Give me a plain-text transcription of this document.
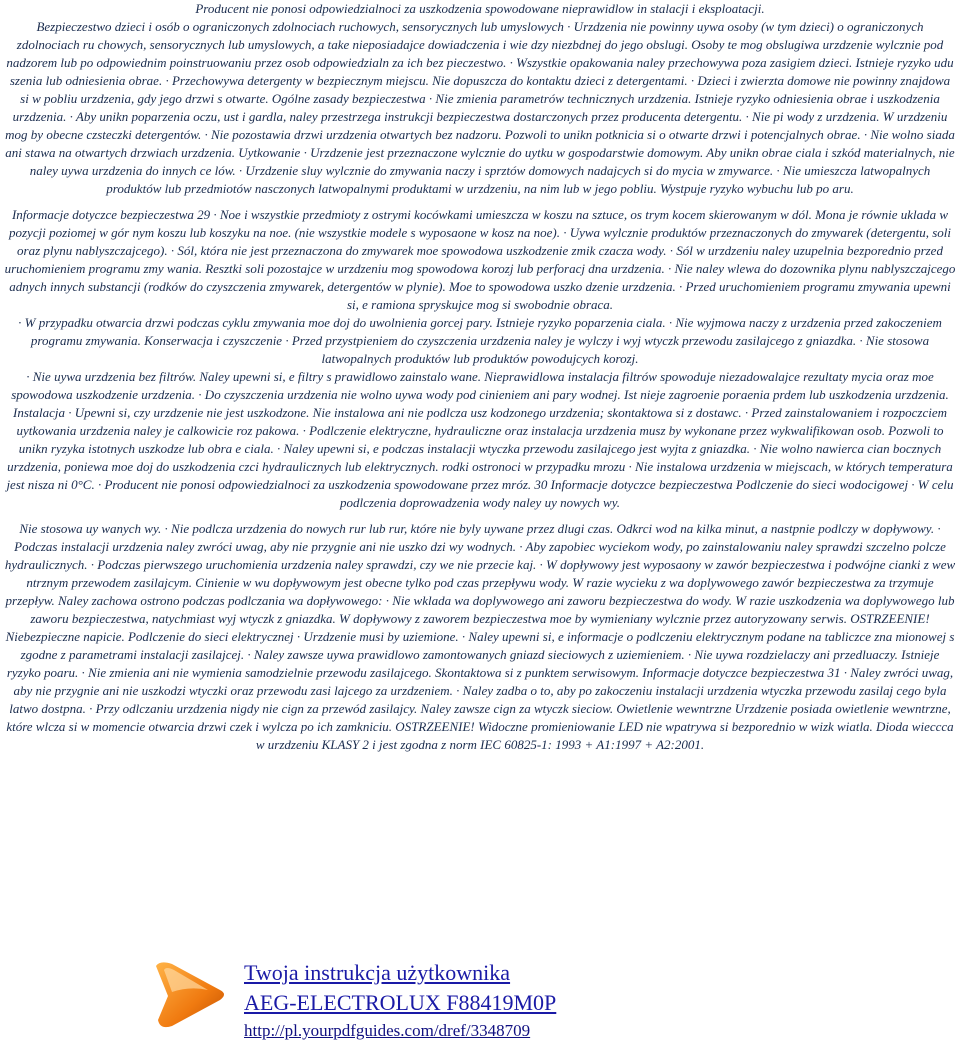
Producent nie ponosi odpowiedzialnoci za uszkodzenia spowodowane nieprawidlow in stalacji i eksploatacji.

Bezpieczestwo dzieci i osób o ograniczonych zdolnociach ruchowych, sensorycznych lub umyslowych · Urzdzenia nie powinny uywa osoby (w tym dzieci) o ograniczonych zdolnociach ru chowych, sensorycznych lub umyslowych, a take nieposiadajce dowiadczenia i wie dzy niezbdnej do jego obslugi. Osoby te mog obslugiwa urzdzenie wylcznie pod nadzorem lub po odpowiednim poinstruowaniu przez osob odpowiedzialn za ich bez pieczestwo. · Wszystkie opakowania naley przechowywa poza zasigiem dzieci. Istnieje ryzyko udu szenia lub odniesienia obrae. · Przechowywa detergenty w bezpiecznym miejscu. Nie dopuszcza do kontaktu dzieci z detergentami. · Dzieci i zwierzta domowe nie powinny znajdowa si w pobliu urzdzenia, gdy jego drzwi s otwarte. Ogólne zasady bezpieczestwa · Nie zmienia parametrów technicznych urzdzenia. Istnieje ryzyko odniesienia obrae i uszkodzenia urzdzenia. · Aby unikn poparzenia oczu, ust i gardla, naley przestrzega instrukcji bezpieczestwa dostarczonych przez producenta detergentu. · Nie pi wody z urzdzenia. W urzdzeniu mog by obecne czsteczki detergentów. · Nie pozostawia drzwi urzdzenia otwartych bez nadzoru. Pozwoli to unikn potknicia si o otwarte drzwi i potencjalnych obrae. · Nie wolno siada ani stawa na otwartych drzwiach urzdzenia. Uytkowanie · Urzdzenie jest przeznaczone wylcznie do uytku w gospodarstwie domowym. Aby unikn obrae ciala i szkód materialnych, nie naley uywa urzdzenia do innych ce lów. · Urzdzenie sluy wylcznie do zmywania naczy i sprztów domowych nadajcych si do mycia w zmywarce. · Nie umieszcza latwopalnych produktów lub przedmiotów nasczonych latwopalnymi produktami w urzdzeniu, na nim lub w jego pobliu. Wystpuje ryzyko wybuchu lub po aru.

Informacje dotyczce bezpieczestwa 29 · Noe i wszystkie przedmioty z ostrymi kocówkami umieszcza w koszu na sztuce, os trym kocem skierowanym w dól. Mona je równie uklada w pozycji poziomej w gór nym koszu lub koszyku na noe. (nie wszystkie modele s wyposaone w kosz na noe). · Uywa wylcznie produktów przeznaczonych do zmywarek (detergentu, soli oraz plynu nablyszczajcego). · Sól, która nie jest przeznaczona do zmywarek moe spowodowa uszkodzenie zmik czacza wody. · Sól w urzdzeniu naley uzupelnia bezporednio przed uruchomieniem programu zmy wania. Resztki soli pozostajce w urzdzeniu mog spowodowa korozj lub perforacj dna urzdzenia. · Nie naley wlewa do dozownika plynu nablyszczajcego adnych innych substancji (rodków do czyszczenia zmywarek, detergentów w plynie). Moe to spowodowa uszko dzenie urzdzenia. · Przed uruchomieniem programu zmywania upewni si, e ramiona spryskujce mog si swobodnie obraca.

· W przypadku otwarcia drzwi podczas cyklu zmywania moe doj do uwolnienia gorcej pary. Istnieje ryzyko poparzenia ciala. · Nie wyjmowa naczy z urzdzenia przed zakoczeniem programu zmywania. Konserwacja i czyszczenie · Przed przystpieniem do czyszczenia urzdzenia naley je wylczy i wyj wtyczk przewodu zasilajcego z gniazdka. · Nie stosowa latwopalnych produktów lub produktów powodujcych korozj.

· Nie uywa urzdzenia bez filtrów. Naley upewni si, e filtry s prawidlowo zainstalo wane. Nieprawidlowa instalacja filtrów spowoduje niezadowalajce rezultaty mycia oraz moe spowodowa uszkodzenie urzdzenia. · Do czyszczenia urzdzenia nie wolno uywa wody pod cinieniem ani pary wodnej. Ist nieje zagroenie poraenia prdem lub uszkodzenia urzdzenia. Instalacja · Upewni si, czy urzdzenie nie jest uszkodzone. Nie instalowa ani nie podlcza usz kodzonego urzdzenia; skontaktowa si z dostawc. · Przed zainstalowaniem i rozpoczciem uytkowania urzdzenia naley je calkowicie roz pakowa. · Podlczenie elektryczne, hydrauliczne oraz instalacja urzdzenia musz by wykonane przez wykwalifikowan osob. Pozwoli to unikn ryzyka istotnych uszkodze lub obra e ciala. · Naley upewni si, e podczas instalacji wtyczka przewodu zasilajcego jest wyjta z gniazdka. · Nie wolno nawierca cian bocznych urzdzenia, poniewa moe doj do uszkodzenia czci hydraulicznych lub elektrycznych. rodki ostronoci w przypadku mrozu · Nie instalowa urzdzenia w miejscach, w których temperatura jest nisza ni 0°C. · Producent nie ponosi odpowiedzialnoci za uszkodzenia spowodowane przez mróz. 30 Informacje dotyczce bezpieczestwa Podlczenie do sieci wodocigowej · W celu podlczenia doprowadzenia wody naley uy nowych wy.

Nie stosowa uy wanych wy. · Nie podlcza urzdzenia do nowych rur lub rur, które nie byly uywane przez dlugi czas. Odkrci wod na kilka minut, a nastpnie podlczy w dopływowy. · Podczas instalacji urzdzenia naley zwróci uwag, aby nie przygnie ani nie uszko dzi wy wodnych. · Aby zapobiec wyciekom wody, po zainstalowaniu naley sprawdzi szczelno polcze hydraulicznych. · Podczas pierwszego uruchomienia urzdzenia naley sprawdzi, czy we nie przecie kaj. · W dopływowy jest wyposaony w zawór bezpieczestwa i podwójne cianki z wew ntrznym przewodem zasilajcym. Cinienie w wu dopływowym jest obecne tylko pod czas przepływu wody. W razie wycieku z wa doplywowego zawór bezpieczestwa za trzymuje przepływ. Naley zachowa ostrono podczas podlczania wa dopływowego: · Nie wklada wa doplywowego ani zaworu bezpieczestwa do wody. W razie uszkodzenia wa doplywowego lub zaworu bezpieczestwa, natychmiast wyj wtyczk z gniazdka. W dopływowy z zaworem bezpieczestwa moe by wymieniany wylcznie przez autoryzowany serwis. OSTRZEENIE! Niebezpieczne napicie. Podlczenie do sieci elektrycznej · Urzdzenie musi by uziemione. · Naley upewni si, e informacje o podlczeniu elektrycznym podane na tabliczce zna mionowej s zgodne z parametrami instalacji zasilajcej. · Naley zawsze uywa prawidlowo zamontowanych gniazd sieciowych z uziemieniem. · Nie uywa rozdzielaczy ani przedluaczy. Istnieje ryzyko poaru. · Nie zmienia ani nie wymienia samodzielnie przewodu zasilajcego. Skontaktowa si z punktem serwisowym. Informacje dotyczce bezpieczestwa 31 · Naley zwróci uwag, aby nie przygnie ani nie uszkodzi wtyczki oraz przewodu zasi lajcego za urzdzeniem. · Naley zadba o to, aby po zakoczeniu instalacji urzdzenia wtyczka przewodu zasilaj cego byla latwo dostpna. · Przy odlczaniu urzdzenia nigdy nie cign za przewód zasilajcy. Naley zawsze cign za wtyczk sieciow. Owietlenie wewntrzne Urzdzenie posiada owietlenie wewntrzne, które wlcza si w momencie otwarcia drzwi czek i wylcza po ich zamkniciu. OSTRZEENIE! Widoczne promieniowanie LED nie wpatrywa si bezporednio w wizk wiatla. Dioda wieccca w urzdzeniu KLASY 2 i jest zgodna z norm IEC 60825-1: 1993 + A1:1997 + A2:2001.

Twoja instrukcja użytkownika
AEG-ELECTROLUX F88419M0P
http://pl.yourpdfguides.com/dref/3348709
